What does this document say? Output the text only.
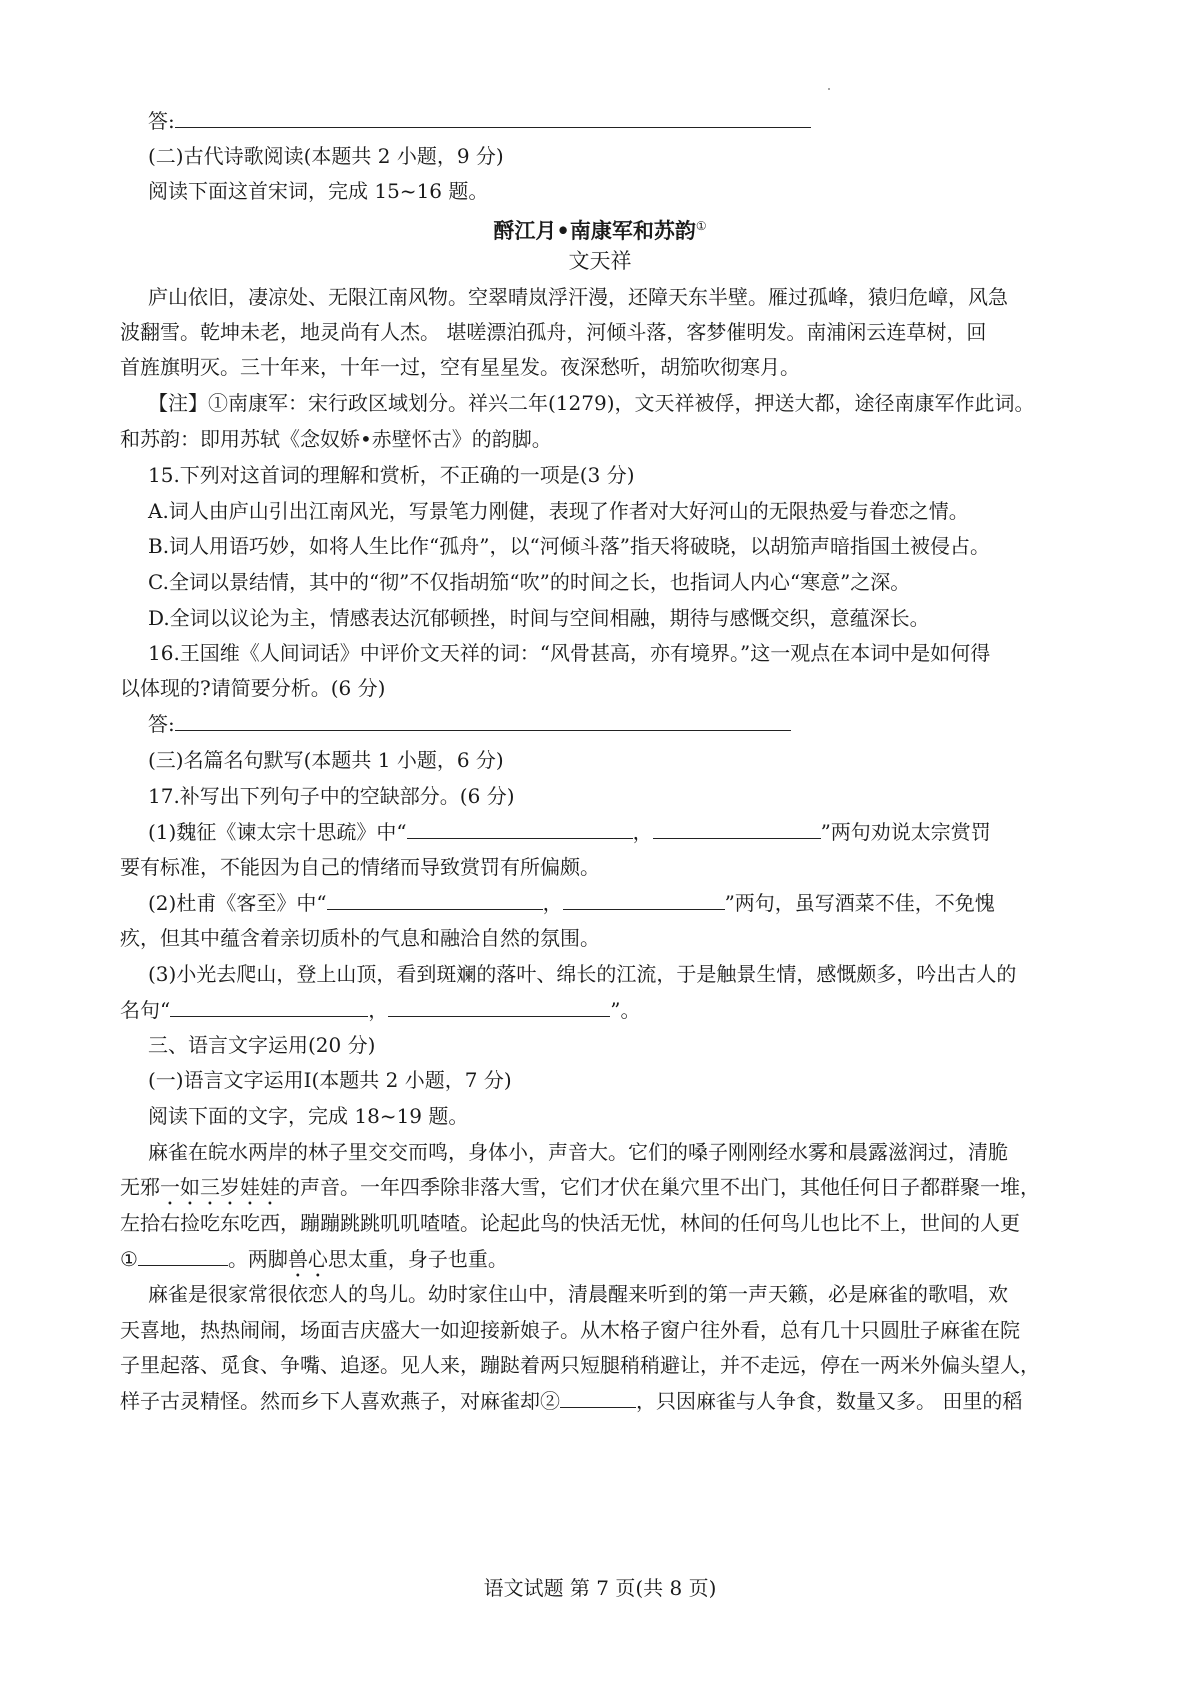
答:
(二)古代诗歌阅读(本题共 2 小题，9 分)
阅读下面这首宋词，完成 15~16 题。
酹江月•南康军和苏韵①
文天祥
庐山依旧，凄凉处、无限江南风物。空翠晴岚浮汗漫，还障天东半壁。雁过孤峰，猿归危嶂，风急
波翻雪。乾坤未老，地灵尚有人杰。 堪嗟漂泊孤舟，河倾斗落，客梦催明发。南浦闲云连草树，回
首旌旗明灭。三十年来，十年一过，空有星星发。夜深愁听，胡笳吹彻寒月。
【注】①南康军：宋行政区域划分。祥兴二年(1279)，文天祥被俘，押送大都，途径南康军作此词。
和苏韵：即用苏轼《念奴娇•赤壁怀古》的韵脚。
15.下列对这首词的理解和赏析，不正确的一项是(3 分)
A.词人由庐山引出江南风光，写景笔力刚健，表现了作者对大好河山的无限热爱与眷恋之情。
B.词人用语巧妙，如将人生比作“孤舟”，以“河倾斗落”指天将破晓，以胡笳声暗指国土被侵占。
C.全词以景结情，其中的“彻”不仅指胡笳“吹”的时间之长，也指词人内心“寒意”之深。
D.全词以议论为主，情感表达沉郁顿挫，时间与空间相融，期待与感慨交织，意蕴深长。
16.王国维《人间词话》中评价文天祥的词：“风骨甚高，亦有境界。”这一观点在本词中是如何得
以体现的?请简要分析。(6 分)
答:
(三)名篇名句默写(本题共 1 小题，6 分)
17.补写出下列句子中的空缺部分。(6 分)
(1)魏征《谏太宗十思疏》中“	，	”两句劝说太宗赏罚
要有标准，不能因为自己的情绪而导致赏罚有所偏颇。
(2)杜甫《客至》中“	，	”两句，虽写酒菜不佳，不免愧
疚，但其中蕴含着亲切质朴的气息和融洽自然的氛围。
(3)小光去爬山，登上山顶，看到斑斓的落叶、绵长的江流，于是触景生情，感慨颇多，吟出古人的
名句“	，	”。
三、语言文字运用(20 分)
(一)语言文字运用Ⅰ(本题共 2 小题，7 分)
阅读下面的文字，完成 18~19 题。
麻雀在皖水两岸的林子里交交而鸣，身体小，声音大。它们的嗓子刚刚经水雾和晨露滋润过，清脆
无邪一如三岁娃娃的声音。一年四季除非落大雪，它们才伏在巢穴里不出门，其他任何日子都群聚一堆，
左拾右捡吃东吃西，蹦蹦跳跳叽叽喳喳。论起此鸟的快活无忧，林间的任何鸟儿也比不上，世间的人更
①	。两脚兽心思太重，身子也重。
麻雀是很家常很依恋人的鸟儿。幼时家住山中，清晨醒来听到的第一声天籁，必是麻雀的歌唱，欢
天喜地，热热闹闹，场面吉庆盛大一如迎接新娘子。从木格子窗户往外看，总有几十只圆肚子麻雀在院
子里起落、觅食、争嘴、追逐。见人来，蹦跶着两只短腿稍稍避让，并不走远，停在一两米外偏头望人，
样子古灵精怪。然而乡下人喜欢燕子，对麻雀却②	，只因麻雀与人争食，数量又多。 田里的稻
语文试题 第 7 页(共 8 页)
